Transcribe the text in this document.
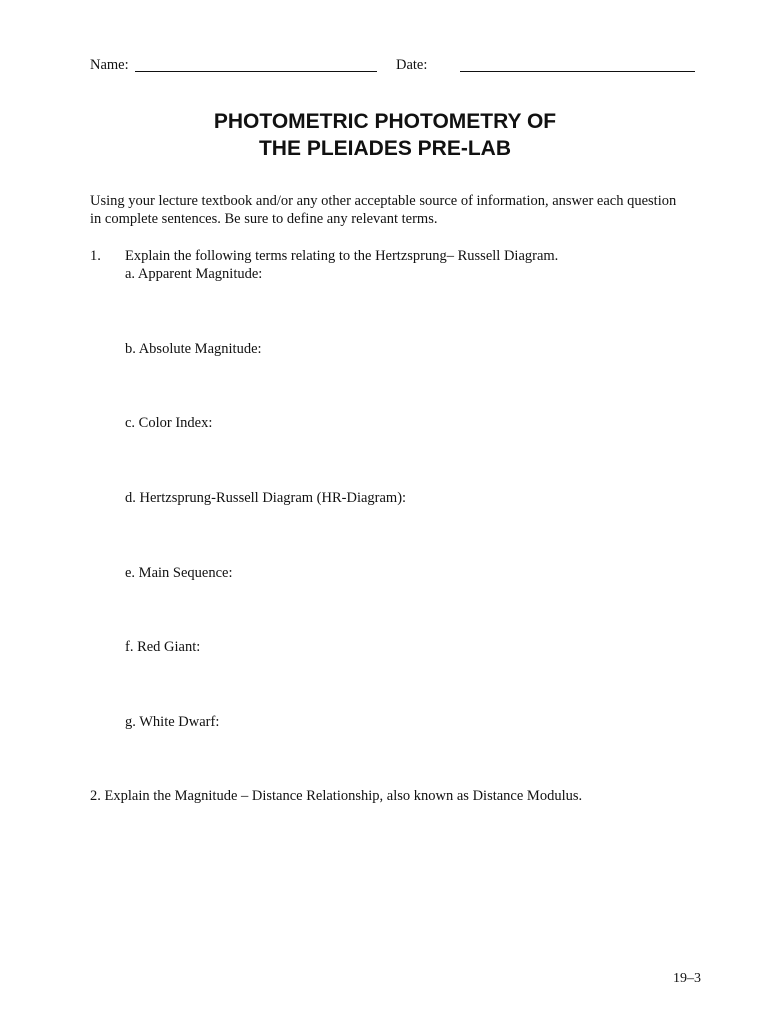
Name:	Date:
PHOTOMETRIC PHOTOMETRY OF
THE PLEIADES PRE-LAB
Using your lecture textbook and/or any other acceptable source of information, answer each question
in complete sentences. Be sure to define any relevant terms.
1. Explain the following terms relating to the Hertzsprung– Russell Diagram.
a. Apparent Magnitude:
b. Absolute Magnitude:
c. Color Index:
d. Hertzsprung-Russell Diagram (HR-Diagram):
e. Main Sequence:
f. Red Giant:
g. White Dwarf:
2. Explain the Magnitude – Distance Relationship, also known as Distance Modulus.
19–3
